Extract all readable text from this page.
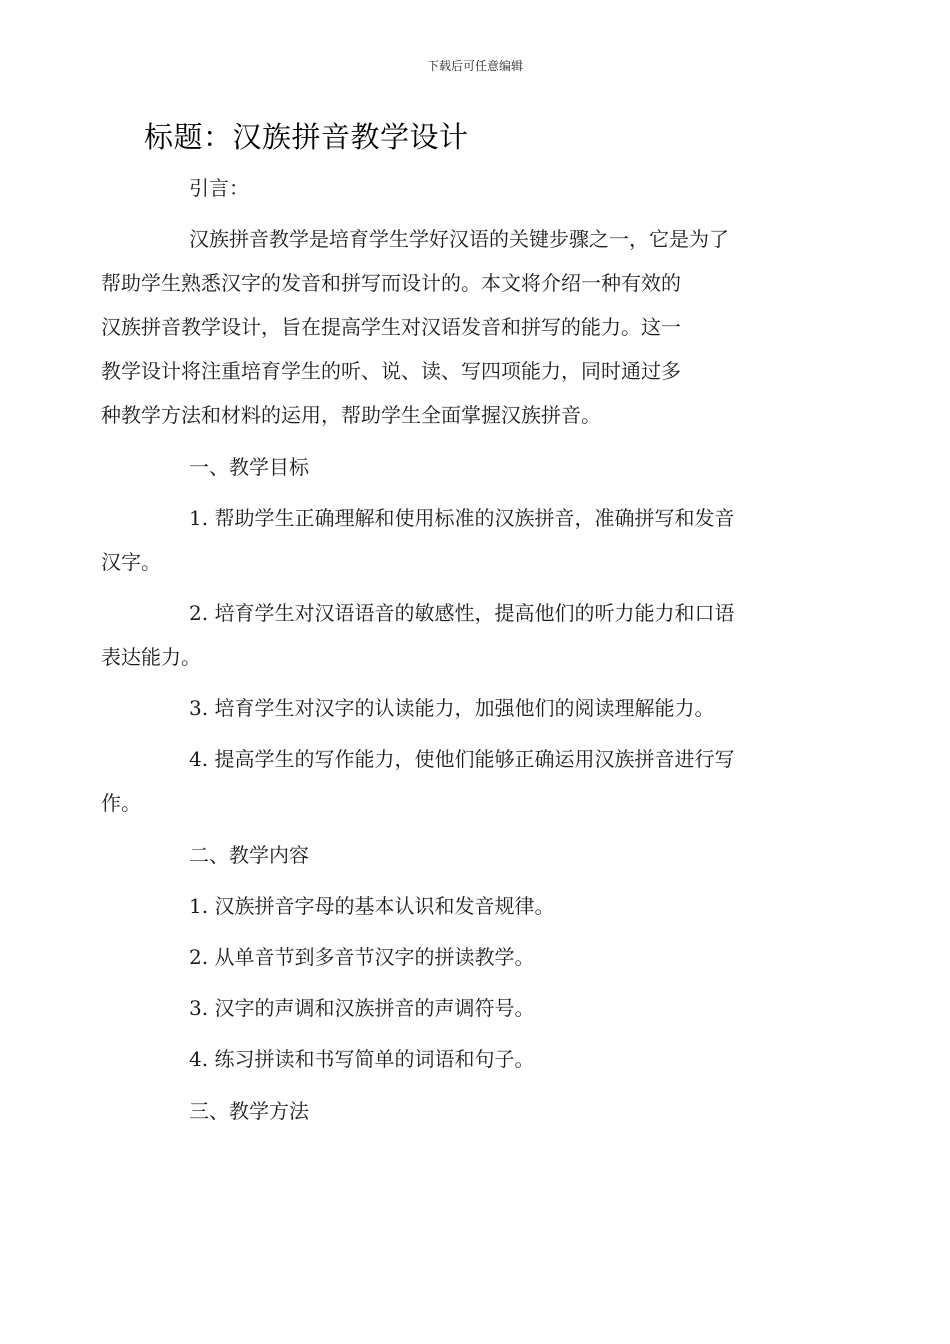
下载后可任意编辑
标题：汉族拼音教学设计

引言：

汉族拼音教学是培育学生学好汉语的关键步骤之一，它是为了
帮助学生熟悉汉字的发音和拼写而设计的。本文将介绍一种有效的
汉族拼音教学设计，旨在提高学生对汉语发音和拼写的能力。这一
教学设计将注重培育学生的听、说、读、写四项能力，同时通过多
种教学方法和材料的运用，帮助学生全面掌握汉族拼音。

一、教学目标

1. 帮助学生正确理解和使用标准的汉族拼音，准确拼写和发音
汉字。

2. 培育学生对汉语语音的敏感性，提高他们的听力能力和口语
表达能力。

3. 培育学生对汉字的认读能力，加强他们的阅读理解能力。

4. 提高学生的写作能力，使他们能够正确运用汉族拼音进行写
作。

二、教学内容

1. 汉族拼音字母的基本认识和发音规律。

2. 从单音节到多音节汉字的拼读教学。

3. 汉字的声调和汉族拼音的声调符号。

4. 练习拼读和书写简单的词语和句子。

三、教学方法
